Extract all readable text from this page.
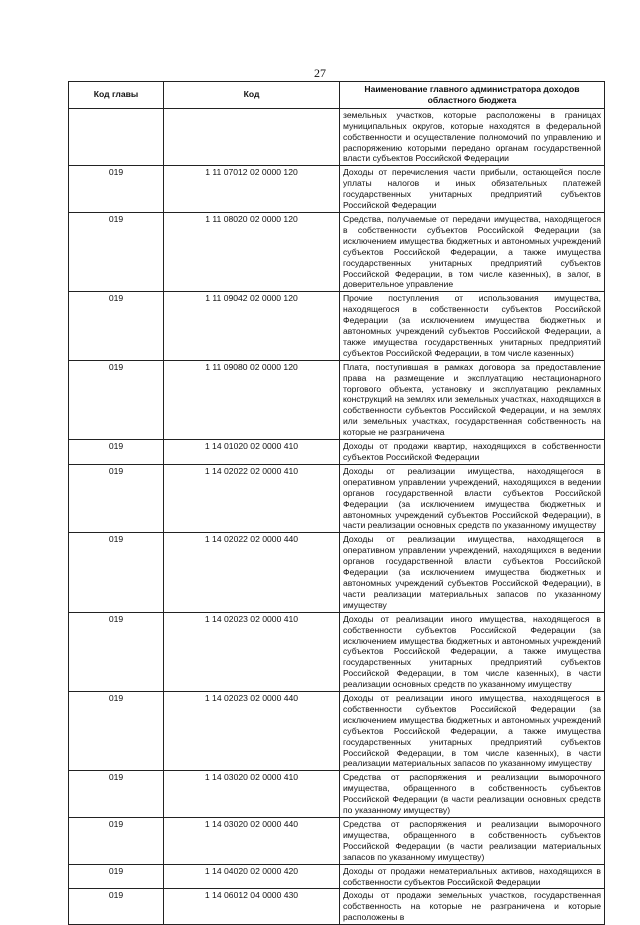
27
Код главы	Код	Наименование главного администратора доходов областного бюджета
		земельных участков, которые расположены в границах муниципальных округов, которые находятся в федеральной собственности и осуществление полномочий по управлению и распоряжению которыми передано органам государственной власти субъектов Российской Федерации
019	1 11 07012 02 0000 120	Доходы от перечисления части прибыли, остающейся после уплаты налогов и иных обязательных платежей государственных унитарных предприятий субъектов Российской Федерации
019	1 11 08020 02 0000 120	Средства, получаемые от передачи имущества, находящегося в собственности субъектов Российской Федерации (за исключением имущества бюджетных и автономных учреждений субъектов Российской Федерации, а также имущества государственных унитарных предприятий субъектов Российской Федерации, в том числе казенных), в залог, в доверительное управление
019	1 11 09042 02 0000 120	Прочие поступления от использования имущества, находящегося в собственности субъектов Российской Федерации (за исключением имущества бюджетных и автономных учреждений субъектов Российской Федерации, а также имущества государственных унитарных предприятий субъектов Российской Федерации, в том числе казенных)
019	1 11 09080 02 0000 120	Плата, поступившая в рамках договора за предоставление права на размещение и эксплуатацию нестационарного торгового объекта, установку и эксплуатацию рекламных конструкций на землях или земельных участках, находящихся в собственности субъектов Российской Федерации, и на землях или земельных участках, государственная собственность на которые не разграничена
019	1 14 01020 02 0000 410	Доходы от продажи квартир, находящихся в собственности субъектов Российской Федерации
019	1 14 02022 02 0000 410	Доходы от реализации имущества, находящегося в оперативном управлении учреждений, находящихся в ведении органов государственной власти субъектов Российской Федерации (за исключением имущества бюджетных и автономных учреждений субъектов Российской Федерации), в части реализации основных средств по указанному имуществу
019	1 14 02022 02 0000 440	Доходы от реализации имущества, находящегося в оперативном управлении учреждений, находящихся в ведении органов государственной власти субъектов Российской Федерации (за исключением имущества бюджетных и автономных учреждений субъектов Российской Федерации), в части реализации материальных запасов по указанному имуществу
019	1 14 02023 02 0000 410	Доходы от реализации иного имущества, находящегося в собственности субъектов Российской Федерации (за исключением имущества бюджетных и автономных учреждений субъектов Российской Федерации, а также имущества государственных унитарных предприятий субъектов Российской Федерации, в том числе казенных), в части реализации основных средств по указанному имуществу
019	1 14 02023 02 0000 440	Доходы от реализации иного имущества, находящегося в собственности субъектов Российской Федерации (за исключением имущества бюджетных и автономных учреждений субъектов Российской Федерации, а также имущества государственных унитарных предприятий субъектов Российской Федерации, в том числе казенных), в части реализации материальных запасов по указанному имуществу
019	1 14 03020 02 0000 410	Средства от распоряжения и реализации выморочного имущества, обращенного в собственность субъектов Российской Федерации (в части реализации основных средств по указанному имуществу)
019	1 14 03020 02 0000 440	Средства от распоряжения и реализации выморочного имущества, обращенного в собственность субъектов Российской Федерации (в части реализации материальных запасов по указанному имуществу)
019	1 14 04020 02 0000 420	Доходы от продажи нематериальных активов, находящихся в собственности субъектов Российской Федерации
019	1 14 06012 04 0000 430	Доходы от продажи земельных участков, государственная собственность на которые не разграничена и которые расположены в
